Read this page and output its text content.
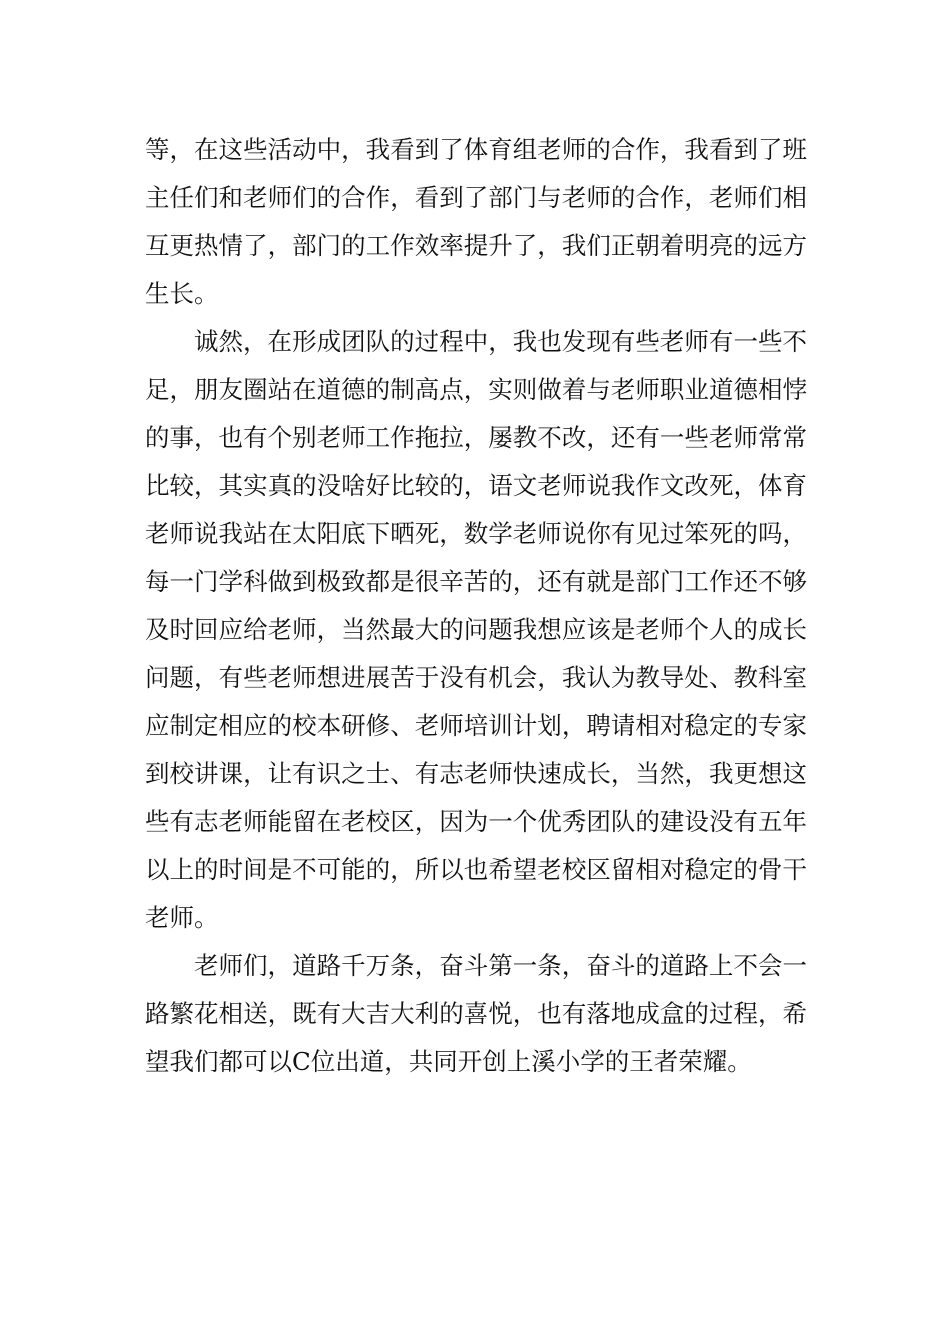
等，在这些活动中，我看到了体育组老师的合作，我看到了班主任们和老师们的合作，看到了部门与老师的合作，老师们相互更热情了，部门的工作效率提升了，我们正朝着明亮的远方生长。

诚然，在形成团队的过程中，我也发现有些老师有一些不足，朋友圈站在道德的制高点，实则做着与老师职业道德相悖的事，也有个别老师工作拖拉，屡教不改，还有一些老师常常比较，其实真的没啥好比较的，语文老师说我作文改死，体育老师说我站在太阳底下晒死，数学老师说你有见过笨死的吗，每一门学科做到极致都是很辛苦的，还有就是部门工作还不够及时回应给老师，当然最大的问题我想应该是老师个人的成长问题，有些老师想进展苦于没有机会，我认为教导处、教科室应制定相应的校本研修、老师培训计划，聘请相对稳定的专家到校讲课，让有识之士、有志老师快速成长，当然，我更想这些有志老师能留在老校区，因为一个优秀团队的建设没有五年以上的时间是不可能的，所以也希望老校区留相对稳定的骨干老师。

老师们，道路千万条，奋斗第一条，奋斗的道路上不会一路繁花相送，既有大吉大利的喜悦，也有落地成盒的过程，希望我们都可以C位出道，共同开创上溪小学的王者荣耀。
